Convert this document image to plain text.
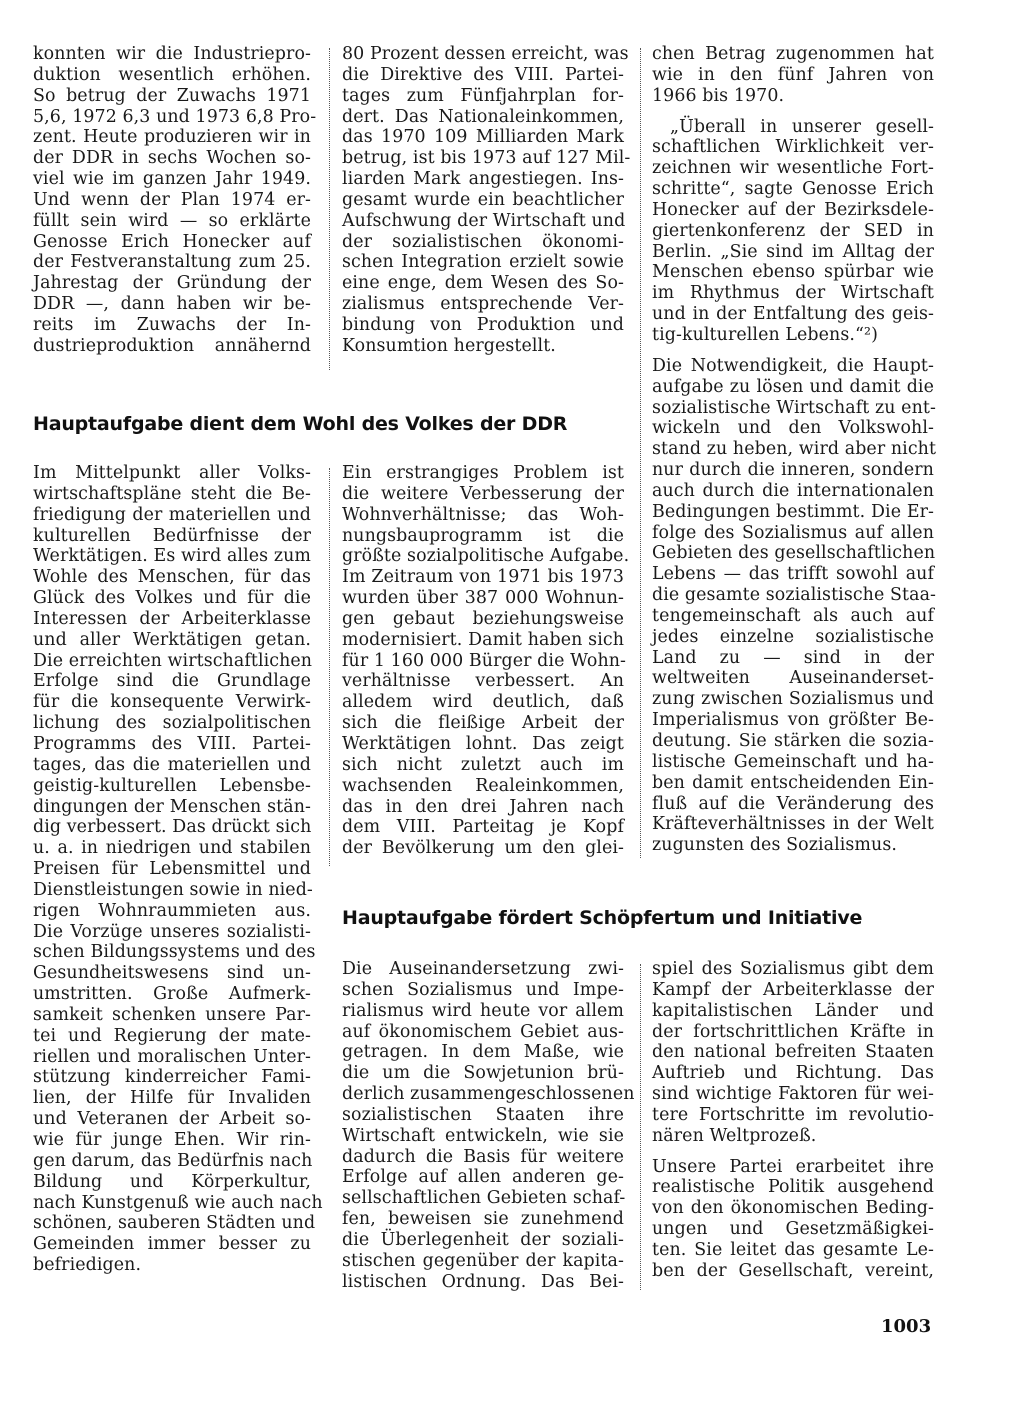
konnten wir die Industriepro-
duktion wesentlich erhöhen.
So betrug der Zuwachs 1971
5,6, 1972 6,3 und 1973 6,8 Pro-
zent. Heute produzieren wir in
der DDR in sechs Wochen so-
viel wie im ganzen Jahr 1949.
Und wenn der Plan 1974 er-
füllt sein wird — so erklärte
Genosse Erich Honecker auf
der Festveranstaltung zum 25.
Jahrestag der Gründung der
DDR —, dann haben wir be-
reits im Zuwachs der In-
dustrieproduktion annähernd
80 Prozent dessen erreicht, was
die Direktive des VIII. Partei-
tages zum Fünfjahrplan for-
dert. Das Nationaleinkommen,
das 1970 109 Milliarden Mark
betrug, ist bis 1973 auf 127 Mil-
liarden Mark angestiegen. Ins-
gesamt wurde ein beachtlicher
Aufschwung der Wirtschaft und
der sozialistischen ökonomi-
schen Integration erzielt sowie
eine enge, dem Wesen des So-
zialismus entsprechende Ver-
bindung von Produktion und
Konsumtion hergestellt.
chen Betrag zugenommen hat
wie in den fünf Jahren von
1966 bis 1970.
„Überall in unserer gesell-
schaftlichen Wirklichkeit ver-
zeichnen wir wesentliche Fort-
schritte“, sagte Genosse Erich
Honecker auf der Bezirksdele-
giertenkonferenz der SED in
Berlin. „Sie sind im Alltag der
Menschen ebenso spürbar wie
im Rhythmus der Wirtschaft
und in der Entfaltung des geis-
tig-kulturellen Lebens.“²)
Die Notwendigkeit, die Haupt-
aufgabe zu lösen und damit die
sozialistische Wirtschaft zu ent-
wickeln und den Volkswohl-
stand zu heben, wird aber nicht
nur durch die inneren, sondern
auch durch die internationalen
Bedingungen bestimmt. Die Er-
folge des Sozialismus auf allen
Gebieten des gesellschaftlichen
Lebens — das trifft sowohl auf
die gesamte sozialistische Staa-
tengemeinschaft als auch auf
jedes einzelne sozialistische
Land zu — sind in der
weltweiten Auseinanderset-
zung zwischen Sozialismus und
Imperialismus von größter Be-
deutung. Sie stärken die sozia-
listische Gemeinschaft und ha-
ben damit entscheidenden Ein-
fluß auf die Veränderung des
Kräfteverhältnisses in der Welt
zugunsten des Sozialismus.
Hauptaufgabe dient dem Wohl des Volkes der DDR
Im Mittelpunkt aller Volks-
wirtschaftspläne steht die Be-
friedigung der materiellen und
kulturellen Bedürfnisse der
Werktätigen. Es wird alles zum
Wohle des Menschen, für das
Glück des Volkes und für die
Interessen der Arbeiterklasse
und aller Werktätigen getan.
Die erreichten wirtschaftlichen
Erfolge sind die Grundlage
für die konsequente Verwirk-
lichung des sozialpolitischen
Programms des VIII. Partei-
tages, das die materiellen und
geistig-kulturellen Lebensbe-
dingungen der Menschen stän-
dig verbessert. Das drückt sich
u. a. in niedrigen und stabilen
Preisen für Lebensmittel und
Dienstleistungen sowie in nied-
rigen Wohnraummieten aus.
Die Vorzüge unseres sozialisti-
schen Bildungssystems und des
Gesundheitswesens sind un-
umstritten. Große Aufmerk-
samkeit schenken unsere Par-
tei und Regierung der mate-
riellen und moralischen Unter-
stützung kinderreicher Fami-
lien, der Hilfe für Invaliden
und Veteranen der Arbeit so-
wie für junge Ehen. Wir rin-
gen darum, das Bedürfnis nach
Bildung und Körperkultur,
nach Kunstgenuß wie auch nach
schönen, sauberen Städten und
Gemeinden immer besser zu
befriedigen.
Ein erstrangiges Problem ist
die weitere Verbesserung der
Wohnverhältnisse; das Woh-
nungsbauprogramm ist die
größte sozialpolitische Aufgabe.
Im Zeitraum von 1971 bis 1973
wurden über 387 000 Wohnun-
gen gebaut beziehungsweise
modernisiert. Damit haben sich
für 1 160 000 Bürger die Wohn-
verhältnisse verbessert. An
alledem wird deutlich, daß
sich die fleißige Arbeit der
Werktätigen lohnt. Das zeigt
sich nicht zuletzt auch im
wachsenden Realeinkommen,
das in den drei Jahren nach
dem VIII. Parteitag je Kopf
der Bevölkerung um den glei-
Hauptaufgabe fördert Schöpfertum und Initiative
Die Auseinandersetzung zwi-
schen Sozialismus und Impe-
rialismus wird heute vor allem
auf ökonomischem Gebiet aus-
getragen. In dem Maße, wie
die um die Sowjetunion brü-
derlich zusammengeschlossenen
sozialistischen Staaten ihre
Wirtschaft entwickeln, wie sie
dadurch die Basis für weitere
Erfolge auf allen anderen ge-
sellschaftlichen Gebieten schaf-
fen, beweisen sie zunehmend
die Überlegenheit der soziali-
stischen gegenüber der kapita-
listischen Ordnung. Das Bei-
spiel des Sozialismus gibt dem
Kampf der Arbeiterklasse der
kapitalistischen Länder und
der fortschrittlichen Kräfte in
den national befreiten Staaten
Auftrieb und Richtung. Das
sind wichtige Faktoren für wei-
tere Fortschritte im revolutio-
nären Weltprozeß.
Unsere Partei erarbeitet ihre
realistische Politik ausgehend
von den ökonomischen Beding-
ungen und Gesetzmäßigkei-
ten. Sie leitet das gesamte Le-
ben der Gesellschaft, vereint,
1003
